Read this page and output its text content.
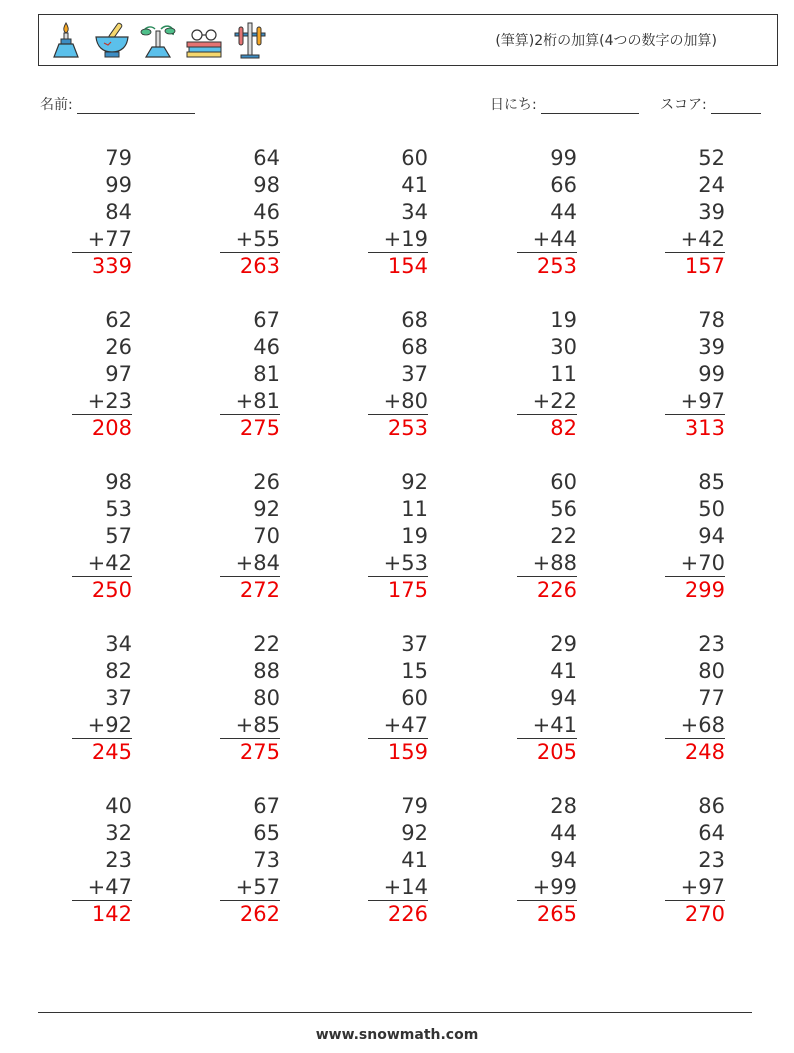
(筆算)2桁の加算(4つの数字の加算)
名前:	日にち:	スコア:
79
99
84
+77
339
64
98
46
+55
263
60
41
34
+19
154
99
66
44
+44
253
52
24
39
+42
157
62
26
97
+23
208
67
46
81
+81
275
68
68
37
+80
253
19
30
11
+22
82
78
39
99
+97
313
98
53
57
+42
250
26
92
70
+84
272
92
11
19
+53
175
60
56
22
+88
226
85
50
94
+70
299
34
82
37
+92
245
22
88
80
+85
275
37
15
60
+47
159
29
41
94
+41
205
23
80
77
+68
248
40
32
23
+47
142
67
65
73
+57
262
79
92
41
+14
226
28
44
94
+99
265
86
64
23
+97
270
www.snowmath.com
